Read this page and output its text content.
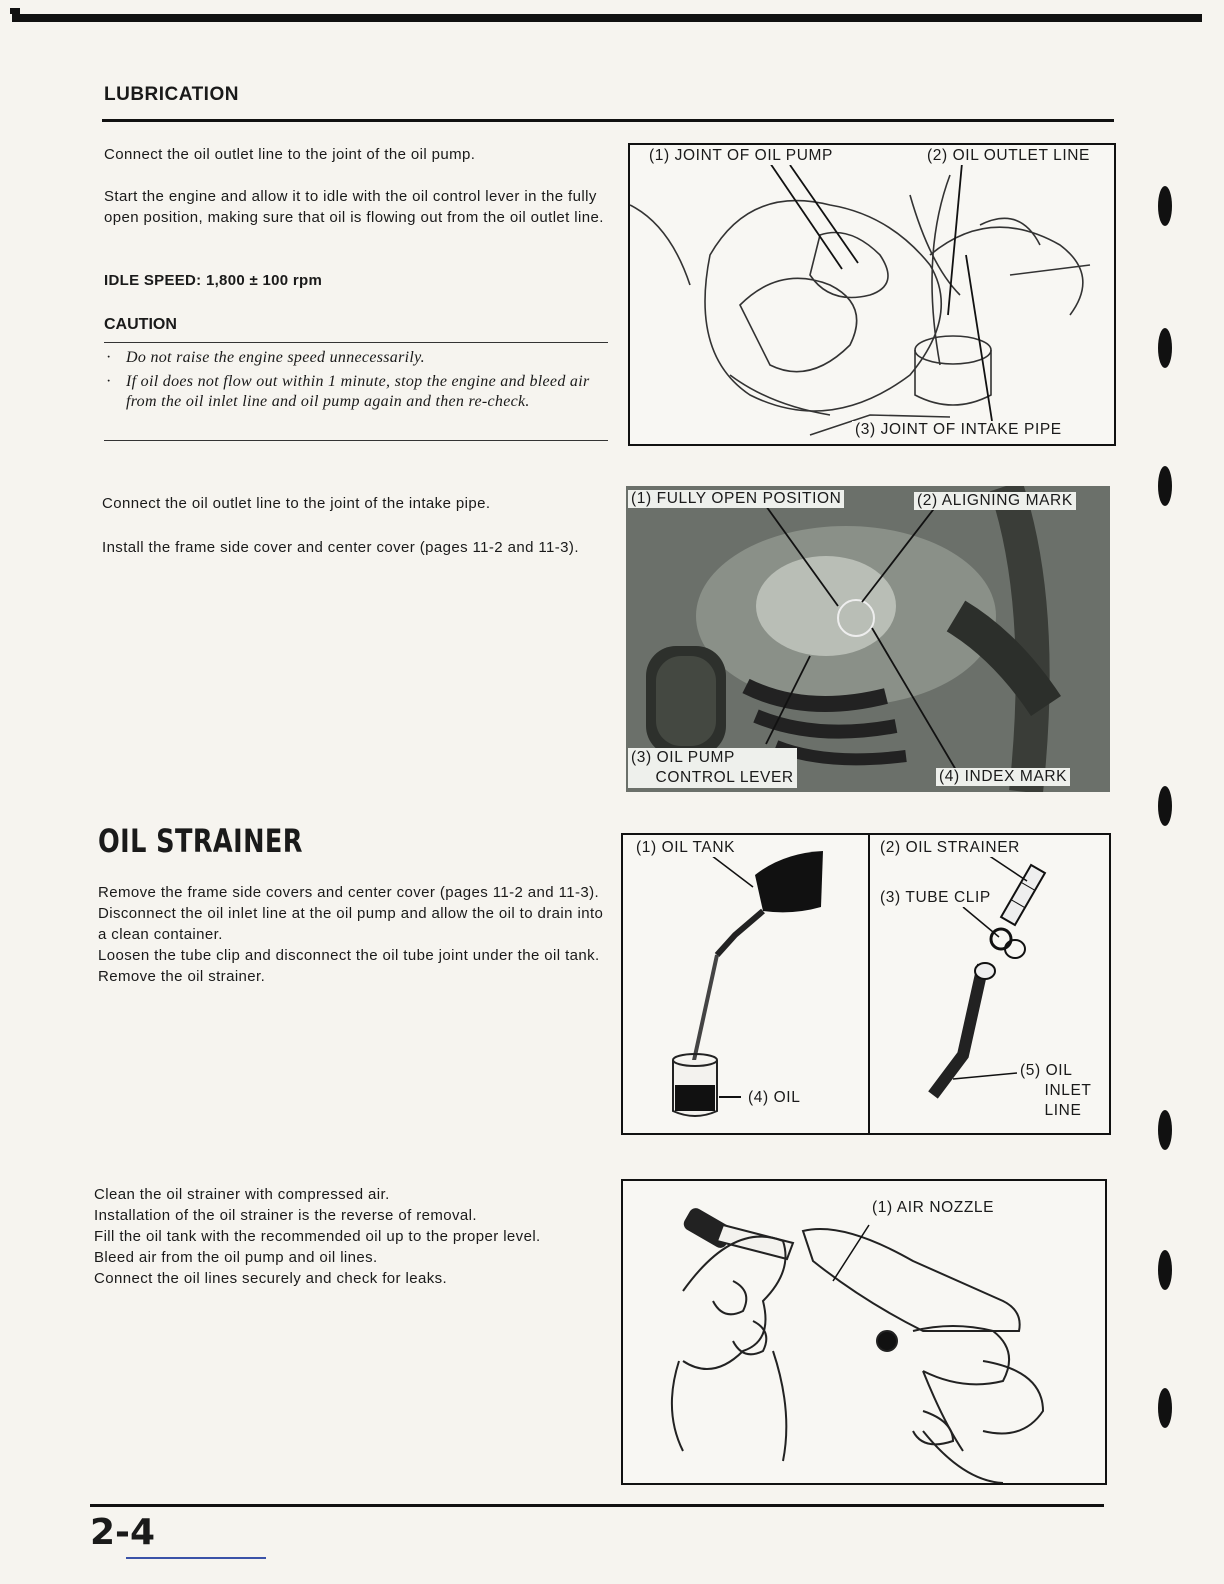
LUBRICATION
Connect the oil outlet line to the joint of the oil pump.
Start the engine and allow it to idle with the oil control lever in the fully open position, making sure that oil is flowing out from the oil outlet line.
IDLE SPEED: 1,800 ± 100 rpm
CAUTION
· Do not raise the engine speed unnecessarily.
· If oil does not flow out within 1 minute, stop the engine and bleed air from the oil inlet line and oil pump again and then re-check.
(1) JOINT OF OIL PUMP	(2) OIL OUTLET LINE
(3) JOINT OF INTAKE PIPE
Connect the oil outlet line to the joint of the intake pipe.
Install the frame side cover and center cover (pages 11-2 and 11-3).
(1) FULLY OPEN POSITION	(2) ALIGNING MARK
(3) OIL PUMP
CONTROL LEVER	(4) INDEX MARK
OIL STRAINER
Remove the frame side covers and center cover (pages 11-2 and 11-3).
Disconnect the oil inlet line at the oil pump and allow the oil to drain into a clean container.
Loosen the tube clip and disconnect the oil tube joint under the oil tank.
Remove the oil strainer.
(1) OIL TANK	(2) OIL STRAINER
(3) TUBE CLIP
(4) OIL
(5) OIL
INLET
LINE
Clean the oil strainer with compressed air.
Installation of the oil strainer is the reverse of removal.
Fill the oil tank with the recommended oil up to the proper level.
Bleed air from the oil pump and oil lines.
Connect the oil lines securely and check for leaks.
(1) AIR NOZZLE
2-4
